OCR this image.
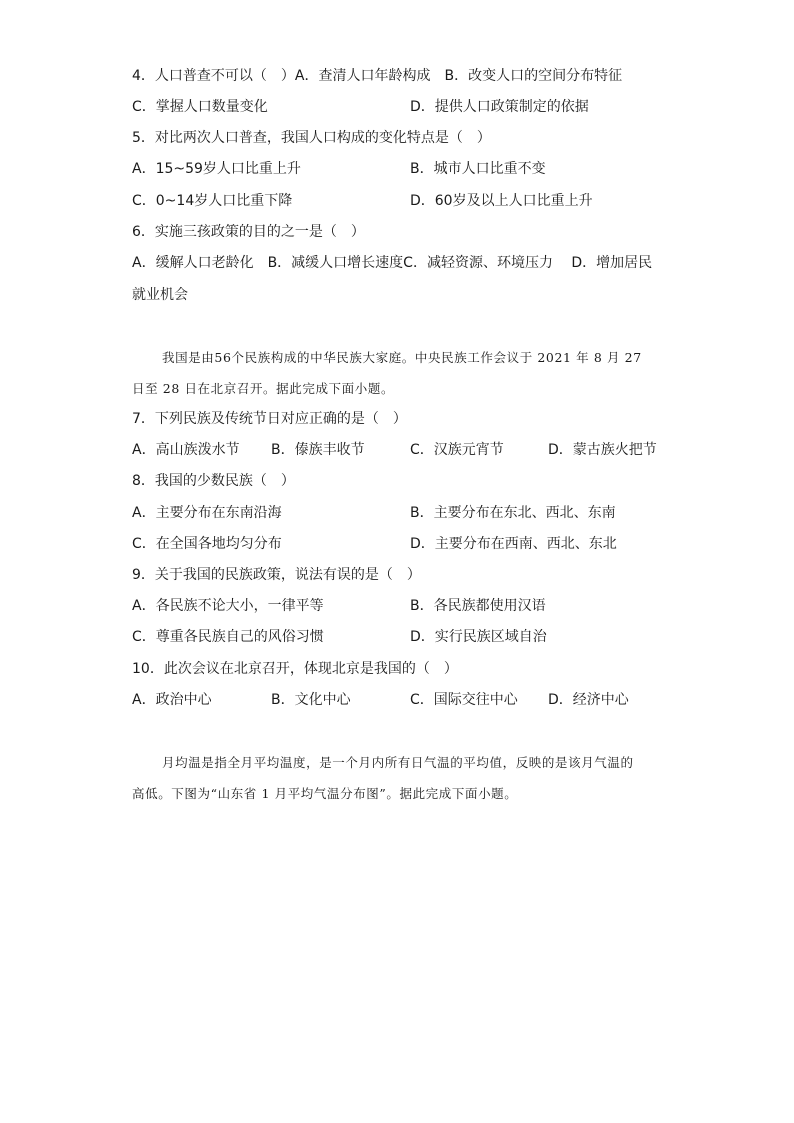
4．人口普查不可以（　）A．查清人口年龄构成　B．改变人口的空间分布特征
C．掌握人口数量变化	D．提供人口政策制定的依据
5．对比两次人口普查，我国人口构成的变化特点是（　）
A．15~59岁人口比重上升	B．城市人口比重不变
C．0~14岁人口比重下降	D．60岁及以上人口比重上升
6．实施三孩政策的目的之一是（　）
A．缓解人口老龄化　B．减缓人口增长速度C．减轻资源、环境压力　 D．增加居民
就业机会
我国是由56个民族构成的中华民族大家庭。中央民族工作会议于 2021 年 8 月 27
日至 28 日在北京召开。据此完成下面小题。
7．下列民族及传统节日对应正确的是（　）
A．高山族泼水节 B．傣族丰收节	C．汉族元宵节	D．蒙古族火把节
8．我国的少数民族（　）
A．主要分布在东南沿海	B．主要分布在东北、西北、东南
C．在全国各地均匀分布	D．主要分布在西南、西北、东北
9．关于我国的民族政策，说法有误的是（　）
A．各民族不论大小，一律平等	B．各民族都使用汉语
C．尊重各民族自己的风俗习惯	D．实行民族区域自治
10．此次会议在北京召开，体现北京是我国的（　）
A．政治中心	B．文化中心	C．国际交往中心 D．经济中心
月均温是指全月平均温度，是一个月内所有日气温的平均值，反映的是该月气温的
高低。下图为“山东省 1 月平均气温分布图”。据此完成下面小题。
